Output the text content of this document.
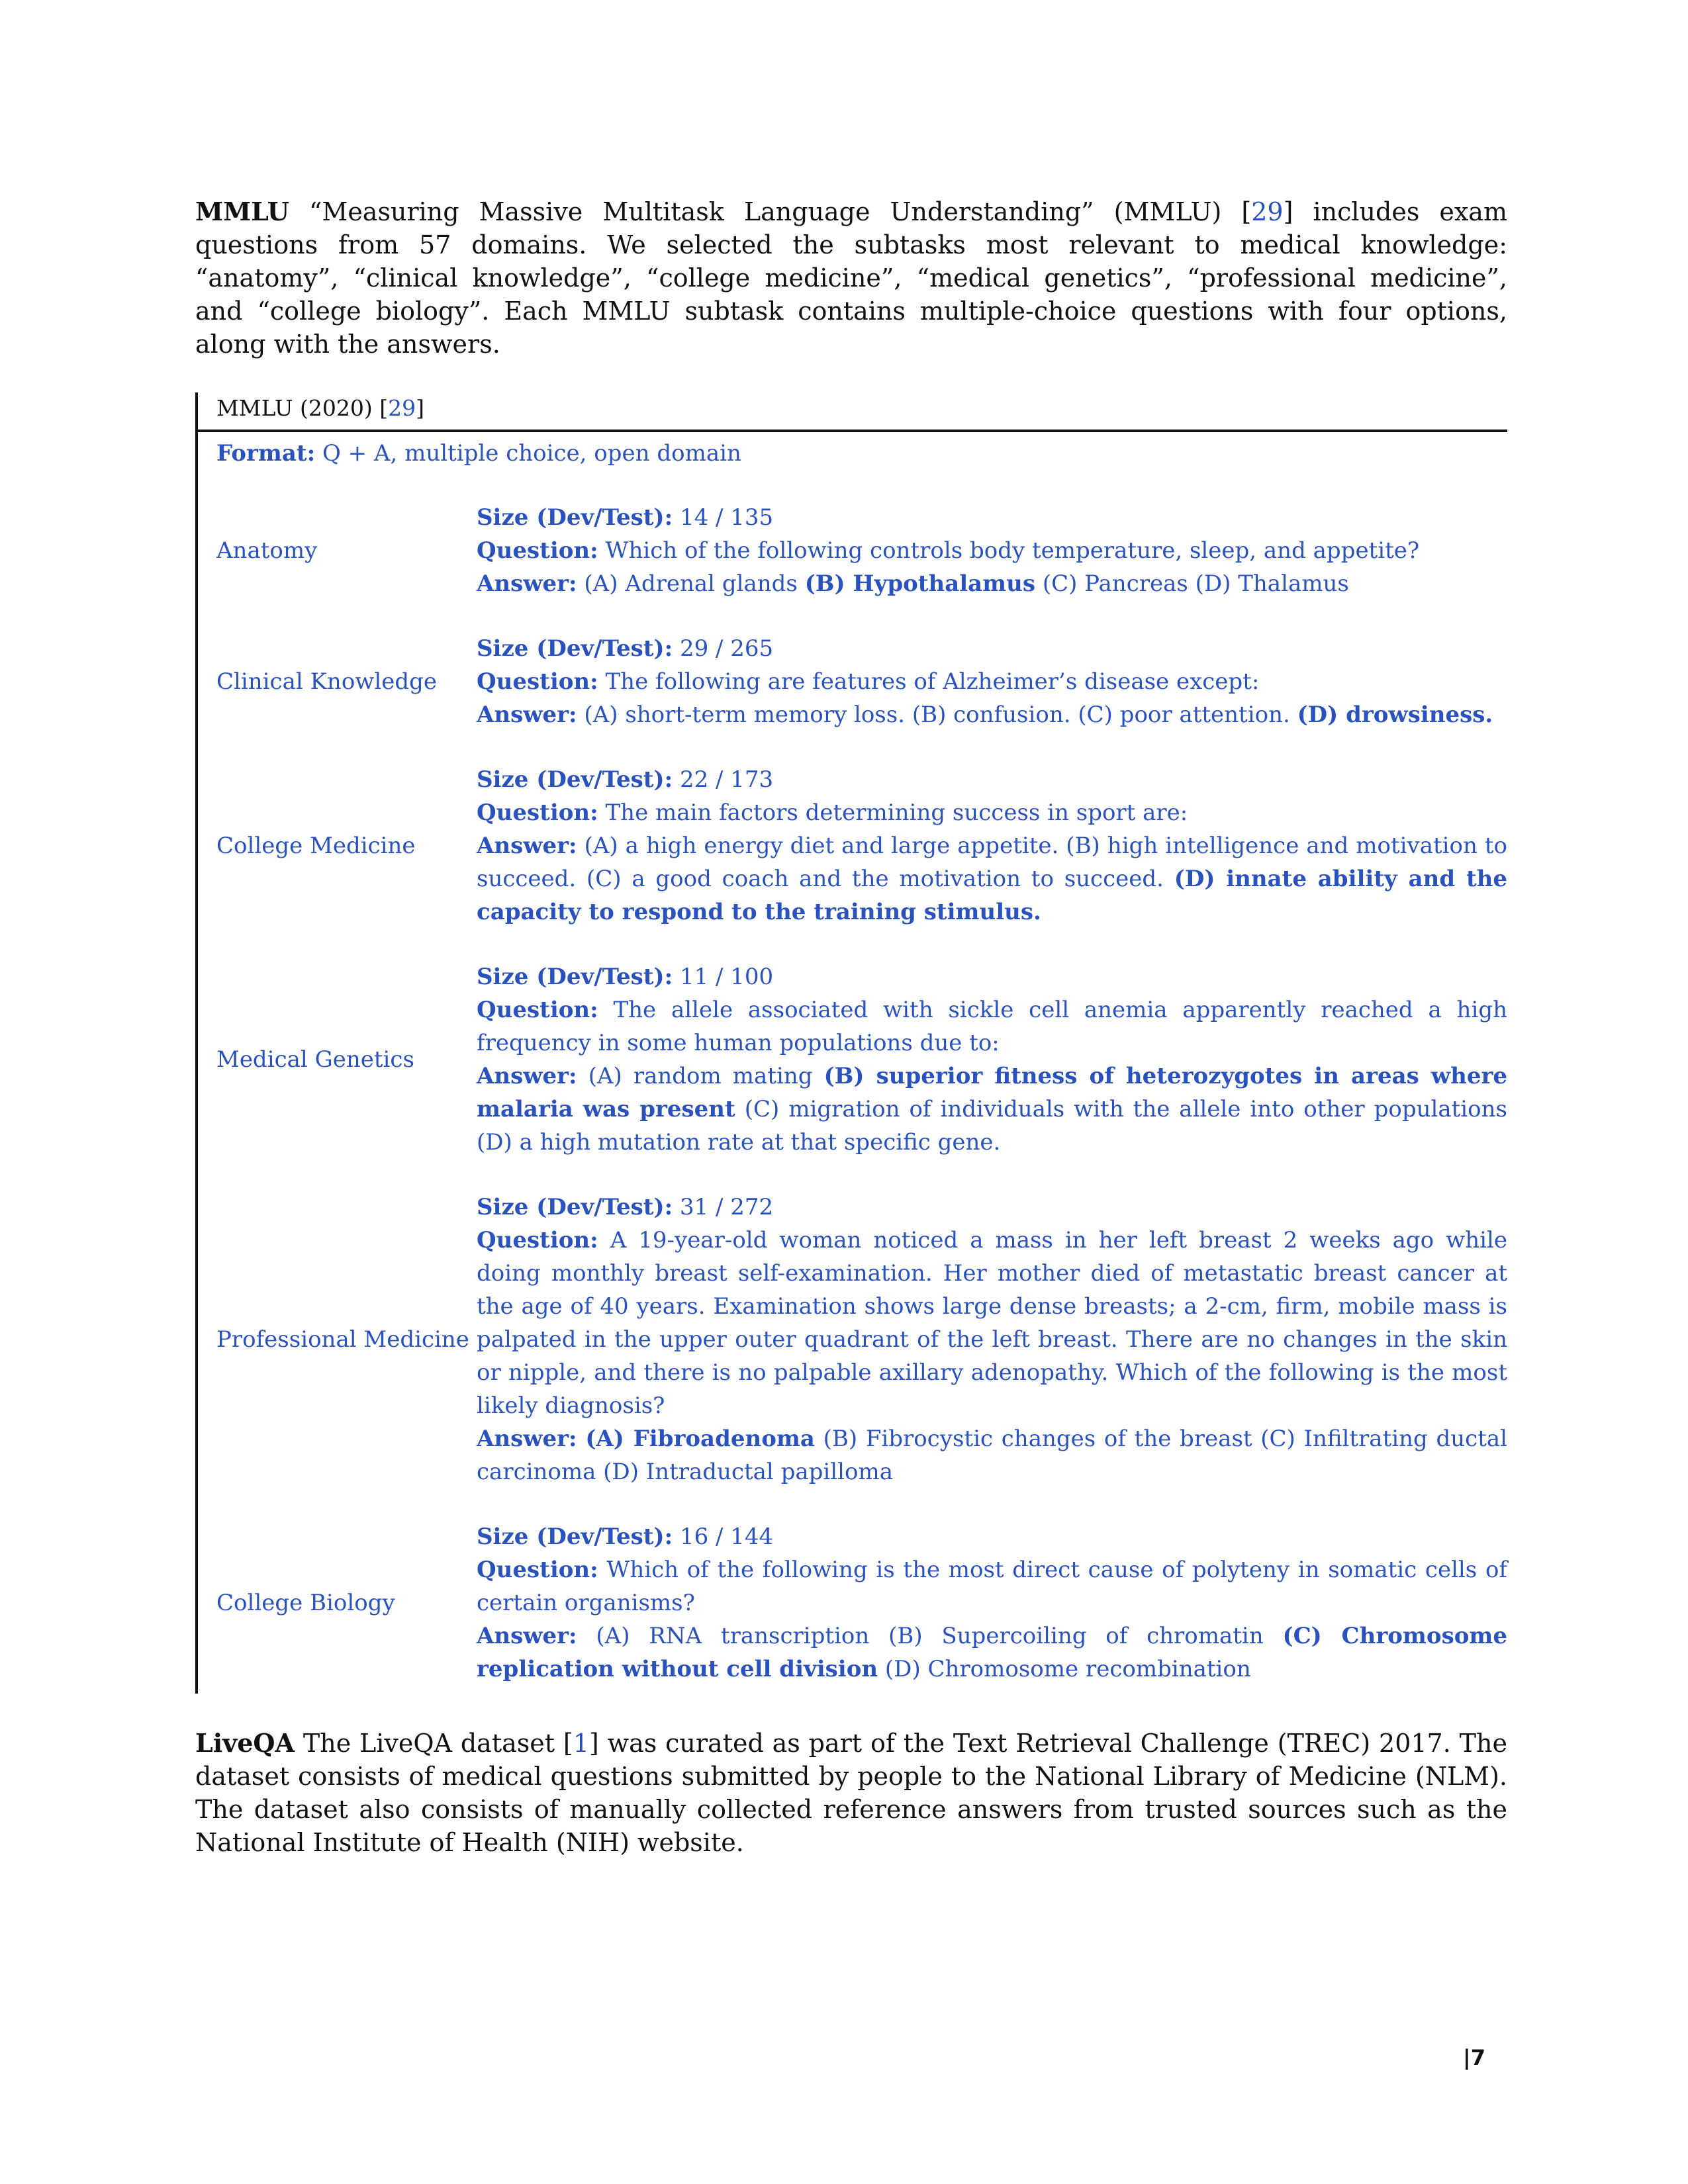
MMLU “Measuring Massive Multitask Language Understanding” (MMLU) [29] includes exam questions from 57 domains. We selected the subtasks most relevant to medical knowledge: “anatomy”, “clinical knowledge”, “college medicine”, “medical genetics”, “professional medicine”, and “college biology”. Each MMLU subtask contains multiple-choice questions with four options, along with the answers.

MMLU (2020) [29]
Format: Q + A, multiple choice, open domain
Anatomy
Size (Dev/Test): 14 / 135
Question: Which of the following controls body temperature, sleep, and appetite?
Answer: (A) Adrenal glands (B) Hypothalamus (C) Pancreas (D) Thalamus
Clinical Knowledge
Size (Dev/Test): 29 / 265
Question: The following are features of Alzheimer’s disease except:
Answer: (A) short-term memory loss. (B) confusion. (C) poor attention. (D) drowsiness.
College Medicine
Size (Dev/Test): 22 / 173
Question: The main factors determining success in sport are:
Answer: (A) a high energy diet and large appetite. (B) high intelligence and motivation to succeed. (C) a good coach and the motivation to succeed. (D) innate ability and the capacity to respond to the training stimulus.
Medical Genetics
Size (Dev/Test): 11 / 100
Question: The allele associated with sickle cell anemia apparently reached a high frequency in some human populations due to:
Answer: (A) random mating (B) superior fitness of heterozygotes in areas where malaria was present (C) migration of individuals with the allele into other populations (D) a high mutation rate at that specific gene.
Professional Medicine
Size (Dev/Test): 31 / 272
Question: A 19-year-old woman noticed a mass in her left breast 2 weeks ago while doing monthly breast self-examination. Her mother died of metastatic breast cancer at the age of 40 years. Examination shows large dense breasts; a 2-cm, firm, mobile mass is palpated in the upper outer quadrant of the left breast. There are no changes in the skin or nipple, and there is no palpable axillary adenopathy. Which of the following is the most likely diagnosis?
Answer: (A) Fibroadenoma (B) Fibrocystic changes of the breast (C) Infiltrating ductal carcinoma (D) Intraductal papilloma
College Biology
Size (Dev/Test): 16 / 144
Question: Which of the following is the most direct cause of polyteny in somatic cells of certain organisms?
Answer: (A) RNA transcription (B) Supercoiling of chromatin (C) Chromosome replication without cell division (D) Chromosome recombination

LiveQA The LiveQA dataset [1] was curated as part of the Text Retrieval Challenge (TREC) 2017. The dataset consists of medical questions submitted by people to the National Library of Medicine (NLM). The dataset also consists of manually collected reference answers from trusted sources such as the National Institute of Health (NIH) website.

|7
